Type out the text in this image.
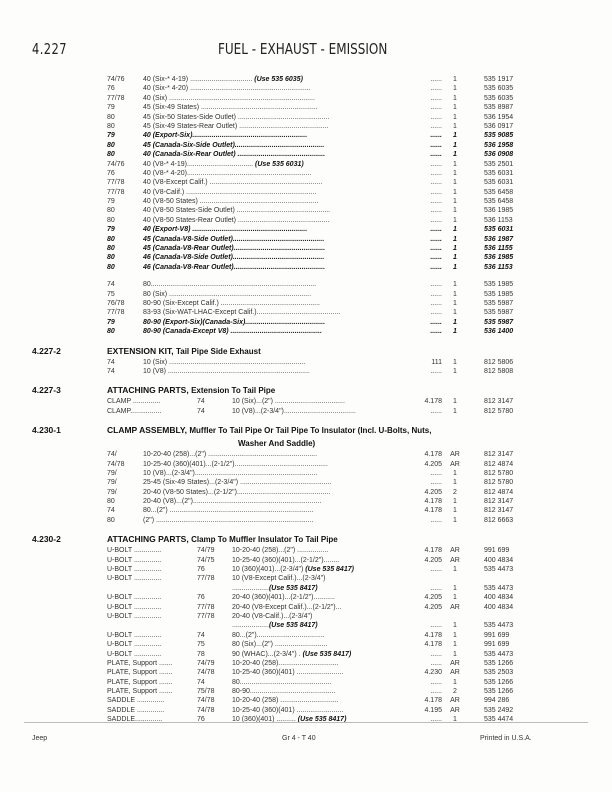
4.227	FUEL - EXHAUST - EMISSION
74/76	40 (Six-* 4-19) ................................ (Use 535 6035)	......	1	535 1917
76	40 (Six-* 4-20) ..............................................................	......	1	535 6035
77/78	40 (Six) ...........................................................................	......	1	535 6035
79	45 (Six-49 States) ............................................................	......	1	535 8987
80	45 (Six-50 States-Side Outlet) ...............................................	......	1	536 1954
80	45 (Six-49 States-Rear Outlet) ..............................................	......	1	536 0917
79	40 (Export-Six)...........................................................	......	1	535 9085
80	45 (Canada-Six-Side Outlet)..............................................	......	1	536 1958
80	40 (Canada-Six-Rear Outlet) .............................................	......	1	536 0908
74/76	40 (V8-* 4-19).................................. (Use 535 6031)	......	1	535 2501
76	40 (V8-* 4-20)................................................................	......	1	535 6031
77/78	40 (V8-Except Calif.) ..........................................................	......	1	535 6031
77/78	40 (V8-Calif.) ...................................................................	......	1	535 6458
79	40 (V8-50 States) .............................................................	......	1	535 6458
80	40 (V8-50 States-Side Outlet) ................................................	......	1	536 1985
80	40 (V8-50 States-Rear Outlet) ...............................................	......	1	536 1153
79	40 (Export-V8) ...........................................................	......	1	535 6031
80	45 (Canada-V8-Side Outlet)...............................................	......	1	536 1987
80	45 (Canada-V8-Rear Outlet)...............................................	......	1	536 1155
80	46 (Canada-V8-Side Outlet)...............................................	......	1	536 1985
80	46 (Canada-V8-Rear Outlet)...............................................	......	1	536 1153
74	80.....................................................................................	......	1	535 1985
75	80 (Six) .........................................................................	......	1	535 1985
76/78	80-90 (Six-Except Calif.) ...................................................	......	1	535 5987
77/78	83-93 (Six-WAT-LHAC-Except Calif.)...........................................	......	1	535 5987
79	80-90 (Export-Six)(Canada-Six).........................................	......	1	535 5987
80	80-90 (Canada-Except V8) ...............................................	......	1	536 1400
4.227-2	EXTENSION KIT, Tail Pipe Side Exhaust
74	10 (Six) ......................................................................	111	1	812 5806
74	10 (V8) .........................................................................	......	1	812 5808
4.227-3	ATTACHING PARTS, Extension To Tail Pipe
CLAMP ..............	74	10 (Six)...(2") ....................................	4.178	1	812 3147
CLAMP................	74	10 (V8)...(2-3/4").....................................	......	1	812 5780
4.230-1	CLAMP ASSEMBLY, Muffler To Tail Pipe Or Tail Pipe To Insulator (Incl. U-Bolts, Nuts,
Washer And Saddle)
74/	10-20-40 (258)...(2") ........................................................	4.178	AR	812 3147
74/78	10-25-40 (360)(401)...(2-1/2")................................................	4.205	AR	812 4874
79/	10 (V8)...(2-3/4")...............................................................	......	1	812 5780
79/	25-45 (Six-49 States)...(2-3/4") ...............................................	......	1	812 5780
79/	20-40 (V8-50 States)...(2-1/2")................................................	4.205	2	812 4874
80	20-40 (V8)...(2")..................................................................	4.178	1	812 3147
74	80...(2") ..........................................................................	4.178	1	812 3147
80	(2") .................................................................................	......	1	812 6663
4.230-2	ATTACHING PARTS, Clamp To Muffler Insulator To Tail Pipe
U-BOLT ..............	74/79 10-20-40 (258)...(2") ................	4.178	AR	991 699
U-BOLT ..............	74/75 10-25-40 (360)(401)...(2-1/2")........	4.205	AR	400 4834
U-BOLT ..............	76	10 (360)(401)...(2-3/4") (Use 535 8417)	......	1	535 4473
U-BOLT ..............	77/78 10 (V8-Except Calif.)...(2-3/4")
...................(Use 535 8417)	......	1	535 4473
U-BOLT ..............	76	20-40 (360)(401)...(2-1/2")...........	4.205	1	400 4834
U-BOLT ..............	77/78 20-40 (V8-Except Calif.)...(2-1/2")...	4.205	AR	400 4834
U-BOLT ..............	77/78 20-40 (V8-Calif.)...(2-3/4")
...................(Use 535 8417)	......	1	535 4473
U-BOLT ..............	74	80...(2")...................................	4.178	1	991 699
U-BOLT ..............	75	80 (Six)...(2") ...........................	4.178	1	991 699
U-BOLT ..............	78	90 (WHAC)...(2-3/4") . (Use 535 8417)	......	1	535 4473
PLATE, Support .......	74/79 10-20-40 (258)...............................	......	AR	535 1266
PLATE, Support .......	74/78 10-25-40 (360)(401) ........................	4.230	AR	535 2503
PLATE, Support .......	74	80...............................................	......	1	535 1266
PLATE, Support .......	75/78 80-90............................................	......	2	535 1266
SADDLE ..............	74/78 10-20-40 (258) ..............................	4.178	AR	994 286
SADDLE ..............	74/78 10-25-40 (360)(401) ........................	4.195	AR	535 2492
SADDLE..............	76	10 (360)(401) .......... (Use 535 8417)	......	1	535 4474
Jeep	Gr 4 - T 40	Printed in U.S.A.
